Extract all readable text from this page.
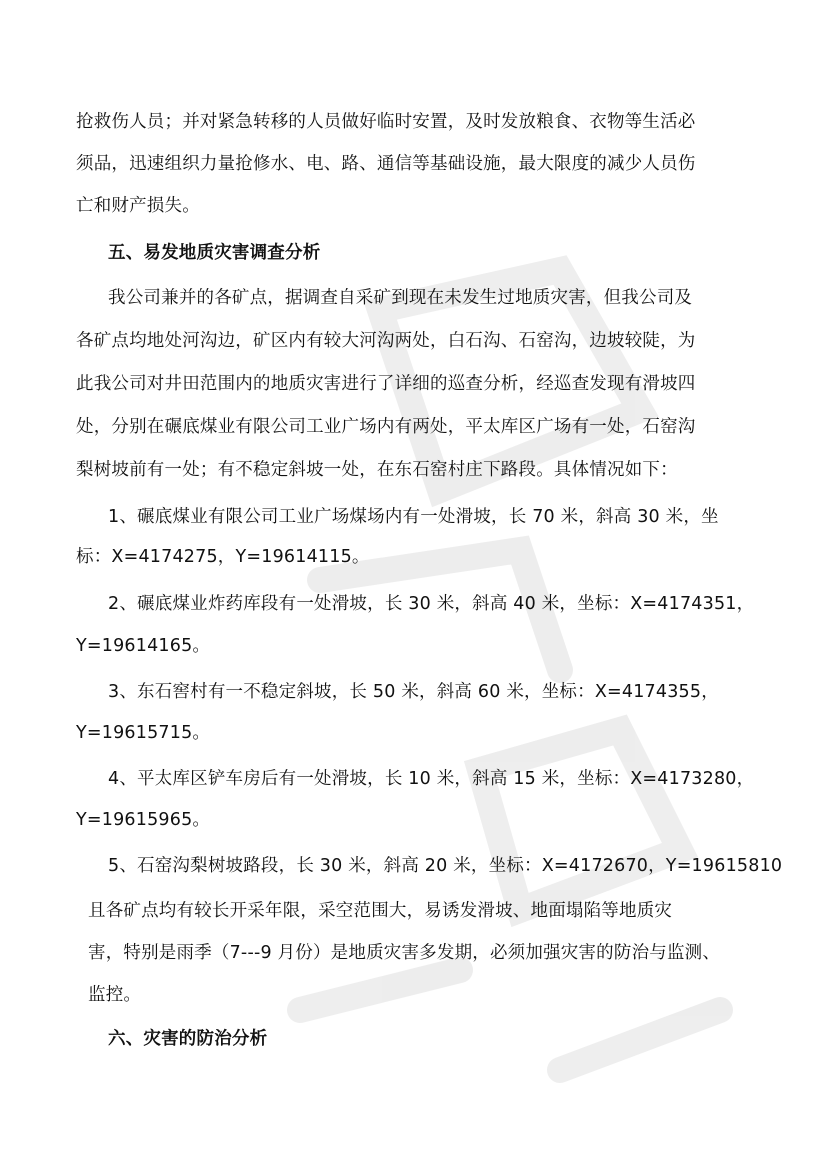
抢救伤人员；并对紧急转移的人员做好临时安置，及时发放粮食、衣物等生活必
须品，迅速组织力量抢修水、电、路、通信等基础设施，最大限度的减少人员伤
亡和财产损失。
五、易发地质灾害调查分析
我公司兼并的各矿点，据调查自采矿到现在未发生过地质灾害，但我公司及
各矿点均地处河沟边，矿区内有较大河沟两处，白石沟、石窑沟，边坡较陡，为
此我公司对井田范围内的地质灾害进行了详细的巡查分析，经巡查发现有滑坡四
处，分别在碾底煤业有限公司工业广场内有两处，平太库区广场有一处，石窑沟
梨树坡前有一处；有不稳定斜坡一处，在东石窑村庄下路段。具体情况如下：
1、碾底煤业有限公司工业广场煤场内有一处滑坡，长 70 米，斜高 30 米，坐
标：X=4174275，Y=19614115。
2、碾底煤业炸药库段有一处滑坡，长 30 米，斜高 40 米，坐标：X=4174351，
Y=19614165。
3、东石窖村有一不稳定斜坡，长 50 米，斜高 60 米，坐标：X=4174355，
Y=19615715。
4、平太库区铲车房后有一处滑坡，长 10 米，斜高 15 米，坐标：X=4173280，
Y=19615965。
5、石窑沟梨树坡路段，长 30 米，斜高 20 米，坐标：X=4172670，Y=19615810
且各矿点均有较长开采年限，采空范围大，易诱发滑坡、地面塌陷等地质灾
害，特别是雨季（7---9 月份）是地质灾害多发期，必须加强灾害的防治与监测、
监控。
六、灾害的防治分析
